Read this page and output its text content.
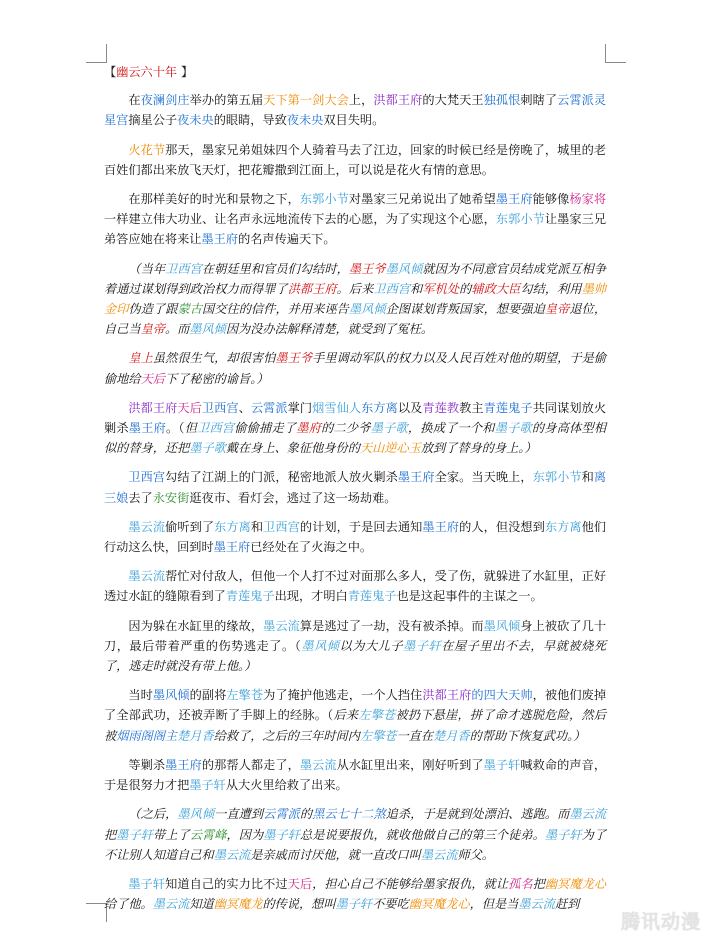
【幽云六十年 】

在夜澜剑庄举办的第五届天下第一剑大会上，洪都王府的大梵天王独孤恨刺瞎了云霄派灵星宫摘星公子夜未央的眼睛，导致夜未央双目失明。

火花节那天，墨家兄弟姐妹四个人骑着马去了江边，回家的时候已经是傍晚了，城里的老百姓们都出来放飞天灯，把花瓣撒到江面上，可以说是花火有情的意思。

在那样美好的时光和景物之下，东郭小节对墨家三兄弟说出了她希望墨王府能够像杨家将一样建立伟大功业、让名声永远地流传下去的心愿，为了实现这个心愿，东郭小节让墨家三兄弟答应她在将来让墨王府的名声传遍天下。

（当年卫西宫在朝廷里和官员们勾结时，墨王爷墨风倾就因为不同意官员结成党派互相争着通过谋划得到政治权力而得罪了洪都王府。后来卫西宫和军机处的辅政大臣勾结，利用墨帅金印伪造了跟蒙古国交往的信件，并用来诬告墨风倾企图谋划背叛国家，想要强迫皇帝退位，自己当皇帝。而墨风倾因为没办法解释清楚，就受到了冤枉。

皇上虽然很生气，却很害怕墨王爷手里调动军队的权力以及人民百姓对他的期望，于是偷偷地给天后下了秘密的谕旨。）

洪都王府天后卫西宫、云霄派掌门烟雪仙人东方离以及青莲教教主青莲鬼子共同谋划放火剿杀墨王府。（但卫西宫偷偷捕走了墨府的二少爷墨子歌，换成了一个和墨子歌的身高体型相似的替身，还把墨子歌戴在身上、象征他身份的天山逆心玉放到了替身的身上。）

卫西宫勾结了江湖上的门派，秘密地派人放火剿杀墨王府全家。当天晚上，东郭小节和离三娘去了永安街逛夜市、看灯会，逃过了这一场劫难。

墨云流偷听到了东方离和卫西宫的计划，于是回去通知墨王府的人，但没想到东方离他们行动这么快，回到时墨王府已经处在了火海之中。

墨云流帮忙对付敌人，但他一个人打不过对面那么多人，受了伤，就躲进了水缸里，正好透过水缸的缝隙看到了青莲鬼子出现，才明白青莲鬼子也是这起事件的主谋之一。

因为躲在水缸里的缘故，墨云流算是逃过了一劫，没有被杀掉。而墨风倾身上被砍了几十刀，最后带着严重的伤势逃走了。（墨风倾以为大儿子墨子轩在屋子里出不去，早就被烧死了，逃走时就没有带上他。）

当时墨风倾的副将左擎苍为了掩护他逃走，一个人挡住洪都王府的四大天帅，被他们废掉了全部武功，还被弄断了手脚上的经脉。（后来左擎苍被扔下悬崖，拼了命才逃脱危险，然后被烟雨阁阁主楚月香给救了，之后的三年时间内左擎苍一直在楚月香的帮助下恢复武功。）

等剿杀墨王府的那帮人都走了，墨云流从水缸里出来，刚好听到了墨子轩喊救命的声音，于是很努力才把墨子轩从大火里给救了出来。

（之后，墨风倾一直遭到云霄派的黑云七十二煞追杀，于是就到处漂泊、逃跑。而墨云流把墨子轩带上了云霄峰，因为墨子轩总是说要报仇，就收他做自己的第三个徒弟。墨子轩为了不让别人知道自己和墨云流是亲戚而讨厌他，就一直改口叫墨云流师父。

墨子轩知道自己的实力比不过天后，担心自己不能够给墨家报仇，就让孤名把幽冥魔龙心给了他。墨云流知道幽冥魔龙的传说，想叫墨子轩不要吃幽冥魔龙心，但是当墨云流赶到

腾讯动漫
